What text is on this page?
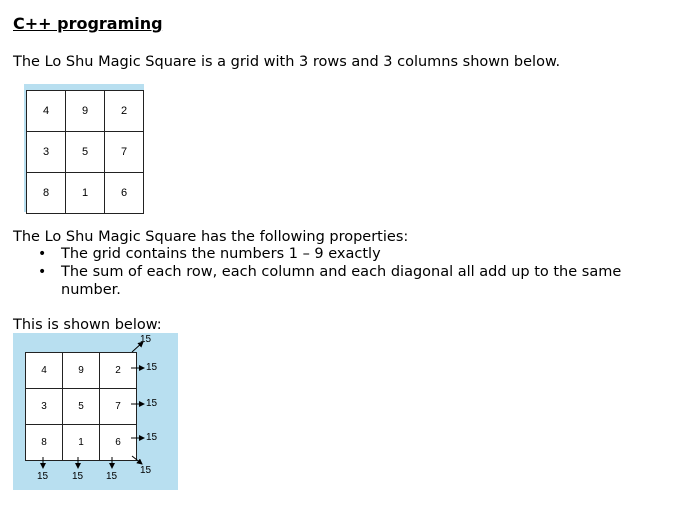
C++ programing
The Lo Shu Magic Square is a grid with 3 rows and 3 columns shown below.
4	9	2
3	5	7
8	1	6
The Lo Shu Magic Square has the following properties:
• The grid contains the numbers 1 – 9 exactly
• The sum of each row, each column and each diagonal all add up to the same number.
This is shown below:
4	9	2
3	5	7
8	1	6
15
15
15
15
15
15 15 15
